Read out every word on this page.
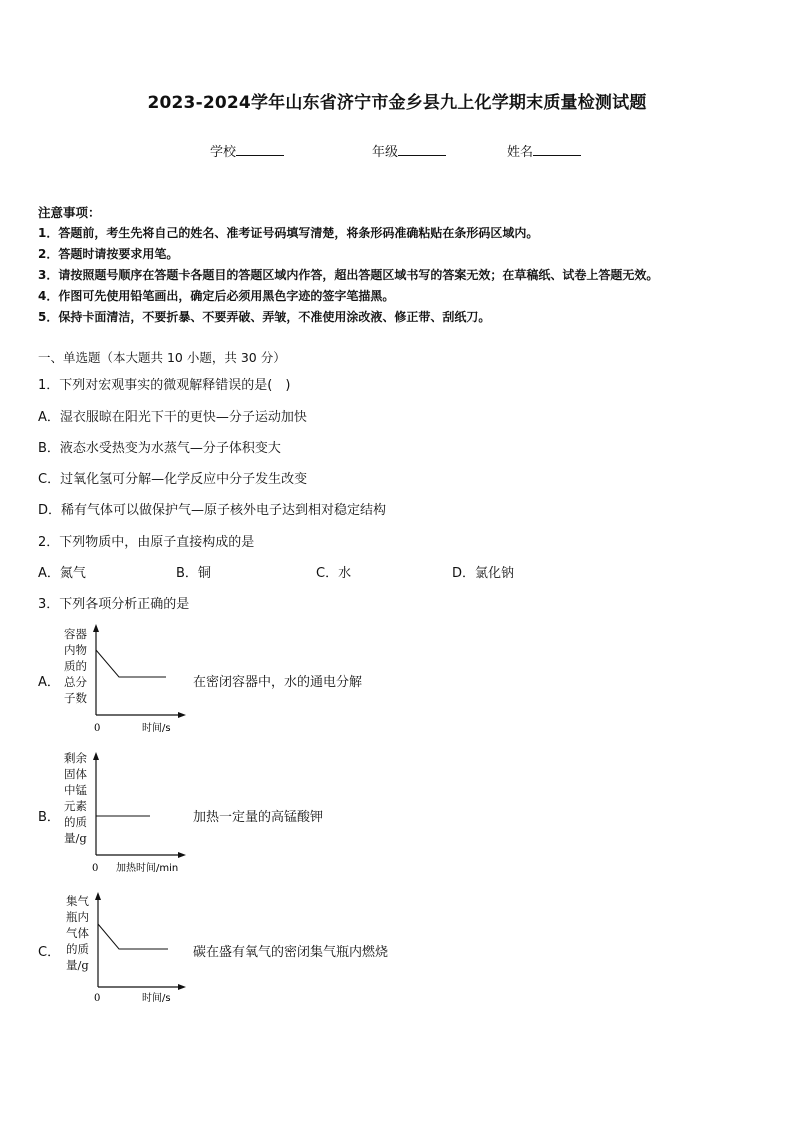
2023-2024学年山东省济宁市金乡县九上化学期末质量检测试题
学校	年级	姓名
注意事项：
1．答题前，考生先将自己的姓名、准考证号码填写清楚，将条形码准确粘贴在条形码区域内。
2．答题时请按要求用笔。
3．请按照题号顺序在答题卡各题目的答题区域内作答，超出答题区域书写的答案无效；在草稿纸、试卷上答题无效。
4．作图可先使用铅笔画出，确定后必须用黑色字迹的签字笔描黑。
5．保持卡面清洁，不要折暴、不要弄破、弄皱，不准使用涂改液、修正带、刮纸刀。
一、单选题（本大题共 10 小题，共 30 分）
1．下列对宏观事实的微观解释错误的是(　)
A．湿衣服晾在阳光下干的更快—分子运动加快
B．液态水受热变为水蒸气—分子体积变大
C．过氧化氢可分解—化学反应中分子发生改变
D．稀有气体可以做保护气—原子核外电子达到相对稳定结构
2．下列物质中，由原子直接构成的是
A．氮气	B．铜	C．水	D．氯化钠
3．下列各项分析正确的是
A．
容器
内物
质的
总分
子数
0	时间/s
在密闭容器中，水的通电分解
B．
剩余
固体
中锰
元素
的质
量/g
0 加热时间/min
加热一定量的高锰酸钾
C．
集气
瓶内
气体
的质
量/g
0	时间/s
碳在盛有氧气的密闭集气瓶内燃烧
